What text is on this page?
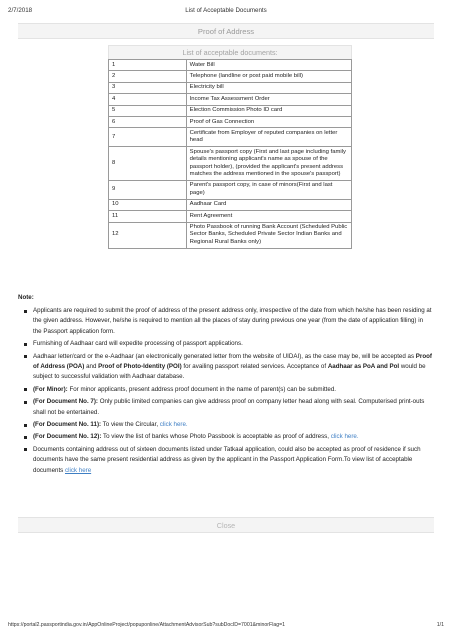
2/7/2018	List of Acceptable Documents
Proof of Address
List of acceptable documents:
1	Water Bill
2	Telephone (landline or post paid mobile bill)
3	Electricity bill
4	Income Tax Assessment Order
5	Election Commission Photo ID card
6	Proof of Gas Connection
7	Certificate from Employer of reputed companies on letter head
8	Spouse's passport copy (First and last page including family details mentioning applicant's name as spouse of the passport holder), (provided the applicant's present address matches the address mentioned in the spouse's passport)
9	Parent's passport copy, in case of minors(First and last page)
10	Aadhaar Card
11	Rent Agreement
12	Photo Passbook of running Bank Account (Scheduled Public Sector Banks, Scheduled Private Sector Indian Banks and Regional Rural Banks only)
Note:
Applicants are required to submit the proof of address of the present address only, irrespective of the date from which he/she has been residing at the given address. However, he/she is required to mention all the places of stay during previous one year (from the date of application filling) in the Passport application form.
Furnishing of Aadhaar card will expedite processing of passport applications.
Aadhaar letter/card or the e-Aadhaar (an electronically generated letter from the website of UIDAI), as the case may be, will be accepted as Proof of Address (POA) and Proof of Photo-Identity (POI) for availing passport related services. Acceptance of Aadhaar as PoA and PoI would be subject to successful validation with Aadhaar database.
(For Minor): For minor applicants, present address proof document in the name of parent(s) can be submitted.
(For Document No. 7): Only public limited companies can give address proof on company letter head along with seal. Computerised print-outs shall not be entertained.
(For Document No. 11): To view the Circular, click here.
(For Document No. 12): To view the list of banks whose Photo Passbook is acceptable as proof of address, click here.
Documents containing address out of sixteen documents listed under Tatkaal application, could also be accepted as proof of residence if such documents have the same present residential address as given by the applicant in the Passport Application Form.To view list of acceptable documents click here
Close
https://portal2.passportindia.gov.in/AppOnlineProject/popuponline/AttachmentAdvisorSub?subDocID=7001&minorFlag=1	1/1
